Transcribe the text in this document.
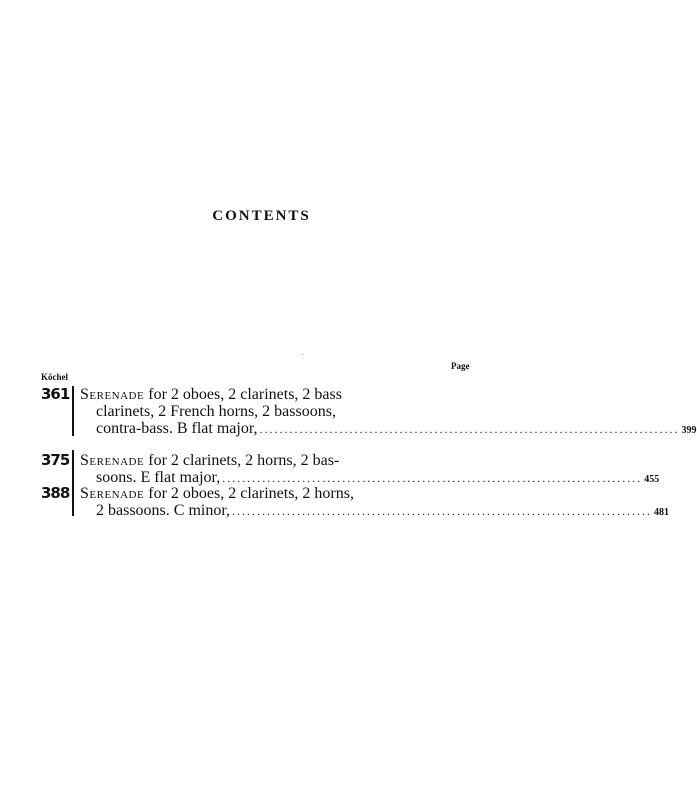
CONTENTS
Page
Köchel
361 Serenade for 2 oboes, 2 clarinets, 2 bass
clarinets, 2 French horns, 2 bassoons,
contra-bass. B flat major, .................................................................................... 399
375 Serenade for 2 clarinets, 2 horns, 2 bas-
soons. E flat major, .................................................................................... 455
388 Serenade for 2 oboes, 2 clarinets, 2 horns,
2 bassoons. C minor, .................................................................................... 481
